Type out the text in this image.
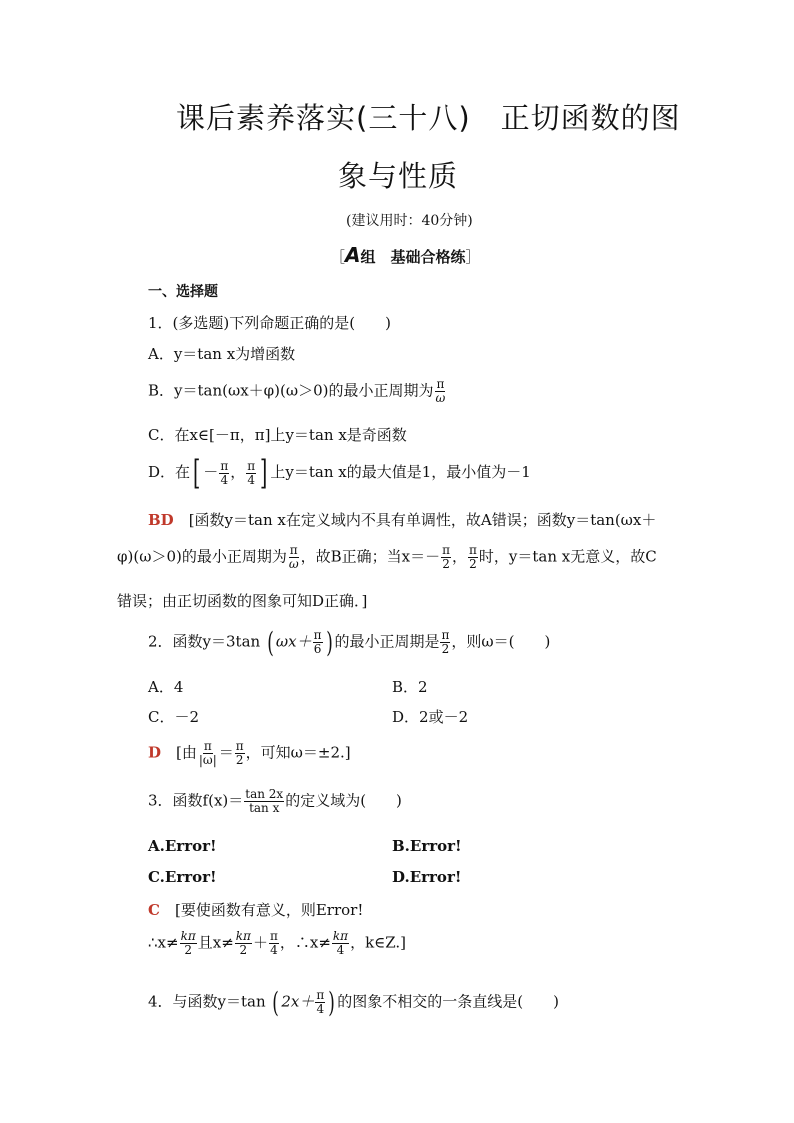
课后素养落实(三十八)　正切函数的图
象与性质
(建议用时：40分钟)
［A组　基础合格练］
一、选择题
1．(多选题)下列命题正确的是(　　)
A．y＝tan x为增函数
B．y＝tan(ωx＋φ)(ω＞0)的最小正周期为 $\frac{\pi}{\omega}$
C．在x∈[－π，π]上y＝tan x是奇函数
D．在[ － $\frac{\pi}{4}$ ， $\frac{\pi}{4}$ ] 上y＝tan x的最大值是1，最小值为－1
BD　 [函数y＝tan x在定义域内不具有单调性，故A错误；函数y＝tan(ωx＋
φ)(ω＞0)的最小正周期为 $\frac{\pi}{\omega}$ ，故B正确；当$x=- \frac{\pi}{2}$ ， $\frac{\pi}{2}$ 时，y＝tan x无意义，故C
错误；由正切函数的图象可知D正确．]
2．函数y＝3tan ( $\omega x+ \frac{\pi}{6}$ ) 的最小正周期是 $\frac{\pi}{2}$ ，则ω＝(　　)
A．4	B．2
C．－2	D．2或－2
D　 [由 $\frac{\pi}{|\omega|} = \frac{\pi}{2}$ ，可知ω＝±2.]
3．函数$f(x)= \frac{\tan 2x}{\text{tan x}}$ 的定义域为(　　)
A.Error!	B.Error!
C.Error!	D.Error!
C　 [要使函数有意义，则Error!
∴x≠ $\frac{k\pi}{2}$ 且$x\ne \frac{k\pi}{2} + \frac{\pi}{4}$ ，∴x≠ $\frac{k\pi}{4}$ ，k∈Z.]
4．与函数y＝tan ( $2x+ \frac{\pi}{4}$ ) 的图象不相交的一条直线是(　　)
